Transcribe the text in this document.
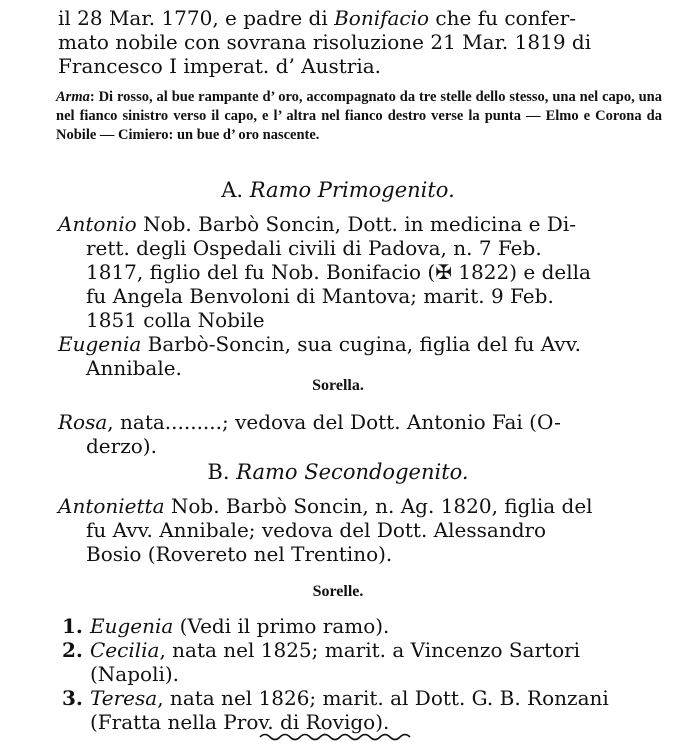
il 28 Mar. 1770, e padre di Bonifacio che fu confer-
mato nobile con sovrana risoluzione 21 Mar. 1819 di
Francesco I imperat. d’ Austria.

Arma: Di rosso, al bue rampante d’ oro, accompagnato da tre stelle dello stesso, una nel capo, una nel fianco sinistro verso il capo, e l’ altra nel fianco destro verse la punta — Elmo e Corona da Nobile — Cimiero: un bue d’ oro nascente.

A. Ramo Primogenito.

Antonio Nob. Barbò Soncin, Dott. in medicina e Di-
rett. degli Ospedali civili di Padova, n. 7 Feb.
1817, figlio del fu Nob. Bonifacio (✠ 1822) e della
fu Angela Benvoloni di Mantova; marit. 9 Feb.
1851 colla Nobile

Eugenia Barbò-Soncin, sua cugina, figlia del fu Avv.
Annibale.

Sorella.

Rosa, nata.........; vedova del Dott. Antonio Fai (O-
derzo).

B. Ramo Secondogenito.

Antonietta Nob. Barbò Soncin, n. Ag. 1820, figlia del
fu Avv. Annibale; vedova del Dott. Alessandro
Bosio (Rovereto nel Trentino).

Sorelle.

1. Eugenia (Vedi il primo ramo).

2. Cecilia, nata nel 1825; marit. a Vincenzo Sartori
(Napoli).

3. Teresa, nata nel 1826; marit. al Dott. G. B. Ronzani
(Fratta nella Prov. di Rovigo).
